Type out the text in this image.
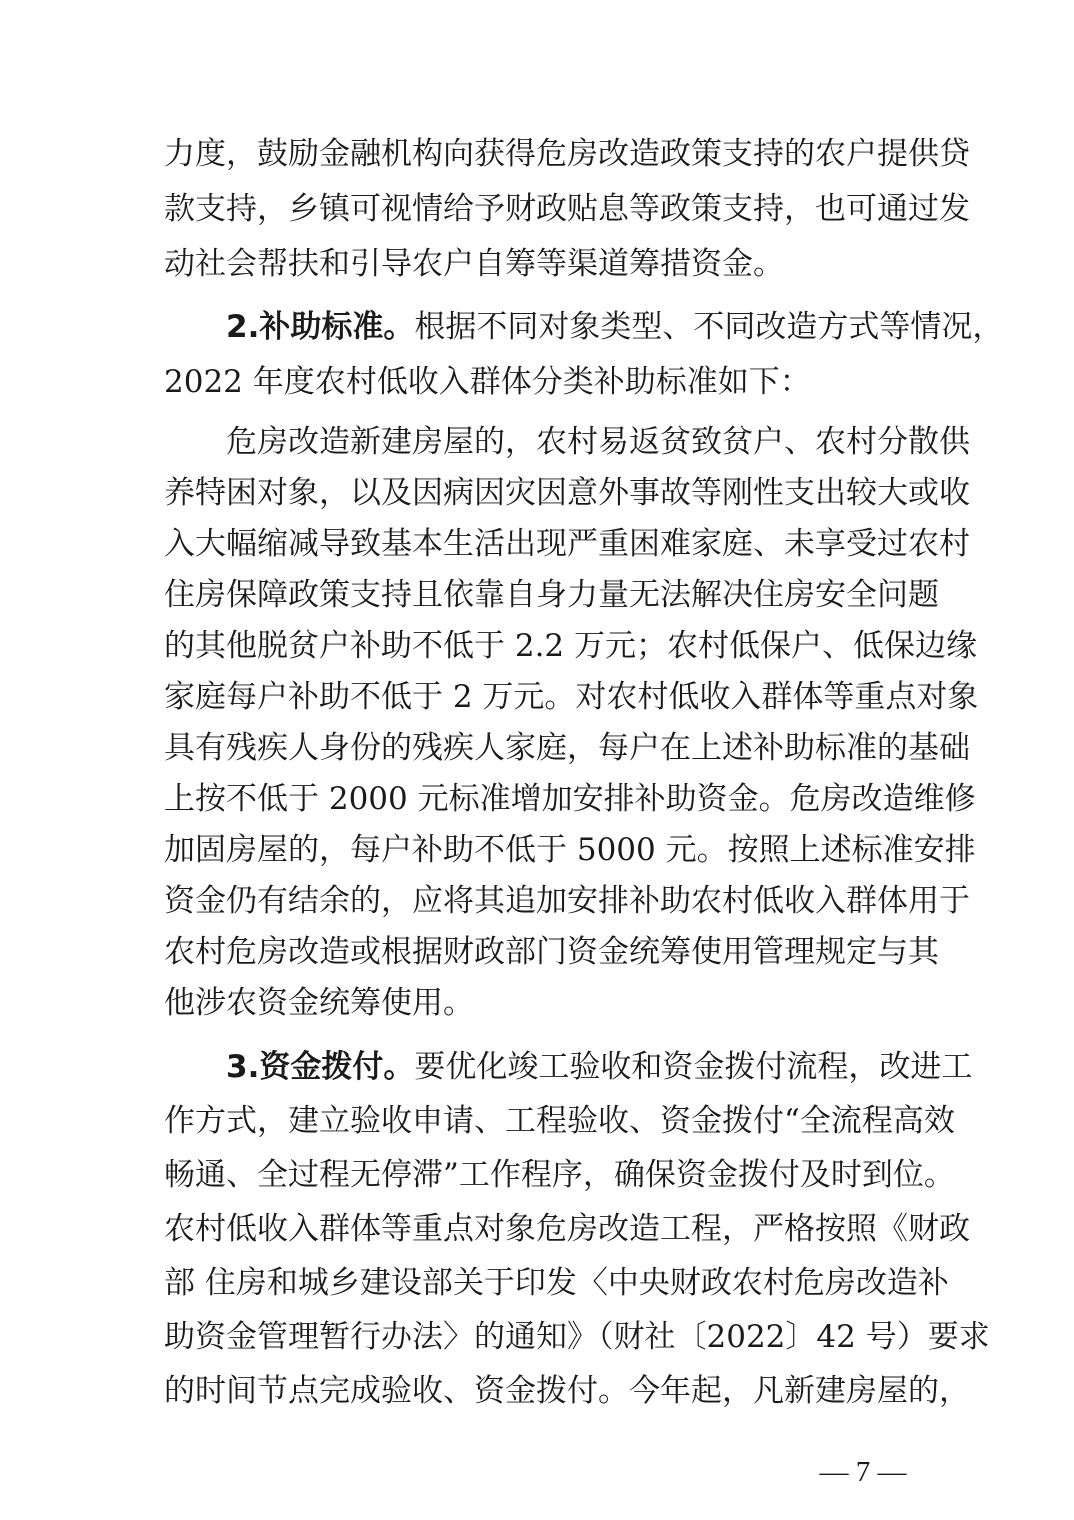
力度，鼓励金融机构向获得危房改造政策支持的农户提供贷
款支持，乡镇可视情给予财政贴息等政策支持，也可通过发
动社会帮扶和引导农户自筹等渠道筹措资金。
2.补助标准。根据不同对象类型、不同改造方式等情况，
2022 年度农村低收入群体分类补助标准如下：
危房改造新建房屋的，农村易返贫致贫户、农村分散供
养特困对象，以及因病因灾因意外事故等刚性支出较大或收
入大幅缩减导致基本生活出现严重困难家庭、未享受过农村
住房保障政策支持且依靠自身力量无法解决住房安全问题
的其他脱贫户补助不低于 2.2 万元；农村低保户、低保边缘
家庭每户补助不低于 2 万元。对农村低收入群体等重点对象
具有残疾人身份的残疾人家庭，每户在上述补助标准的基础
上按不低于 2000 元标准增加安排补助资金。危房改造维修
加固房屋的，每户补助不低于 5000 元。按照上述标准安排
资金仍有结余的，应将其追加安排补助农村低收入群体用于
农村危房改造或根据财政部门资金统筹使用管理规定与其
他涉农资金统筹使用。
3.资金拨付。要优化竣工验收和资金拨付流程，改进工
作方式，建立验收申请、工程验收、资金拨付“全流程高效
畅通、全过程无停滞”工作程序，确保资金拨付及时到位。
农村低收入群体等重点对象危房改造工程，严格按照《财政
部 住房和城乡建设部关于印发〈中央财政农村危房改造补
助资金管理暂行办法〉的通知》（财社〔2022〕42 号）要求
的时间节点完成验收、资金拨付。今年起，凡新建房屋的，
— 7 —
